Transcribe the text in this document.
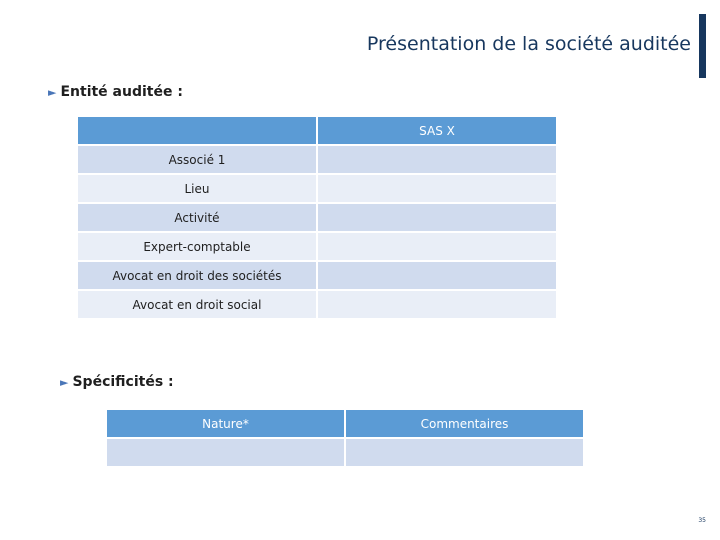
Présentation de la société auditée
► Entité auditée :
	SAS X
Associé 1	
Lieu	
Activité	
Expert-comptable	
Avocat en droit des sociétés	
Avocat en droit social	
► Spécificités :
Nature*	Commentaires

35
